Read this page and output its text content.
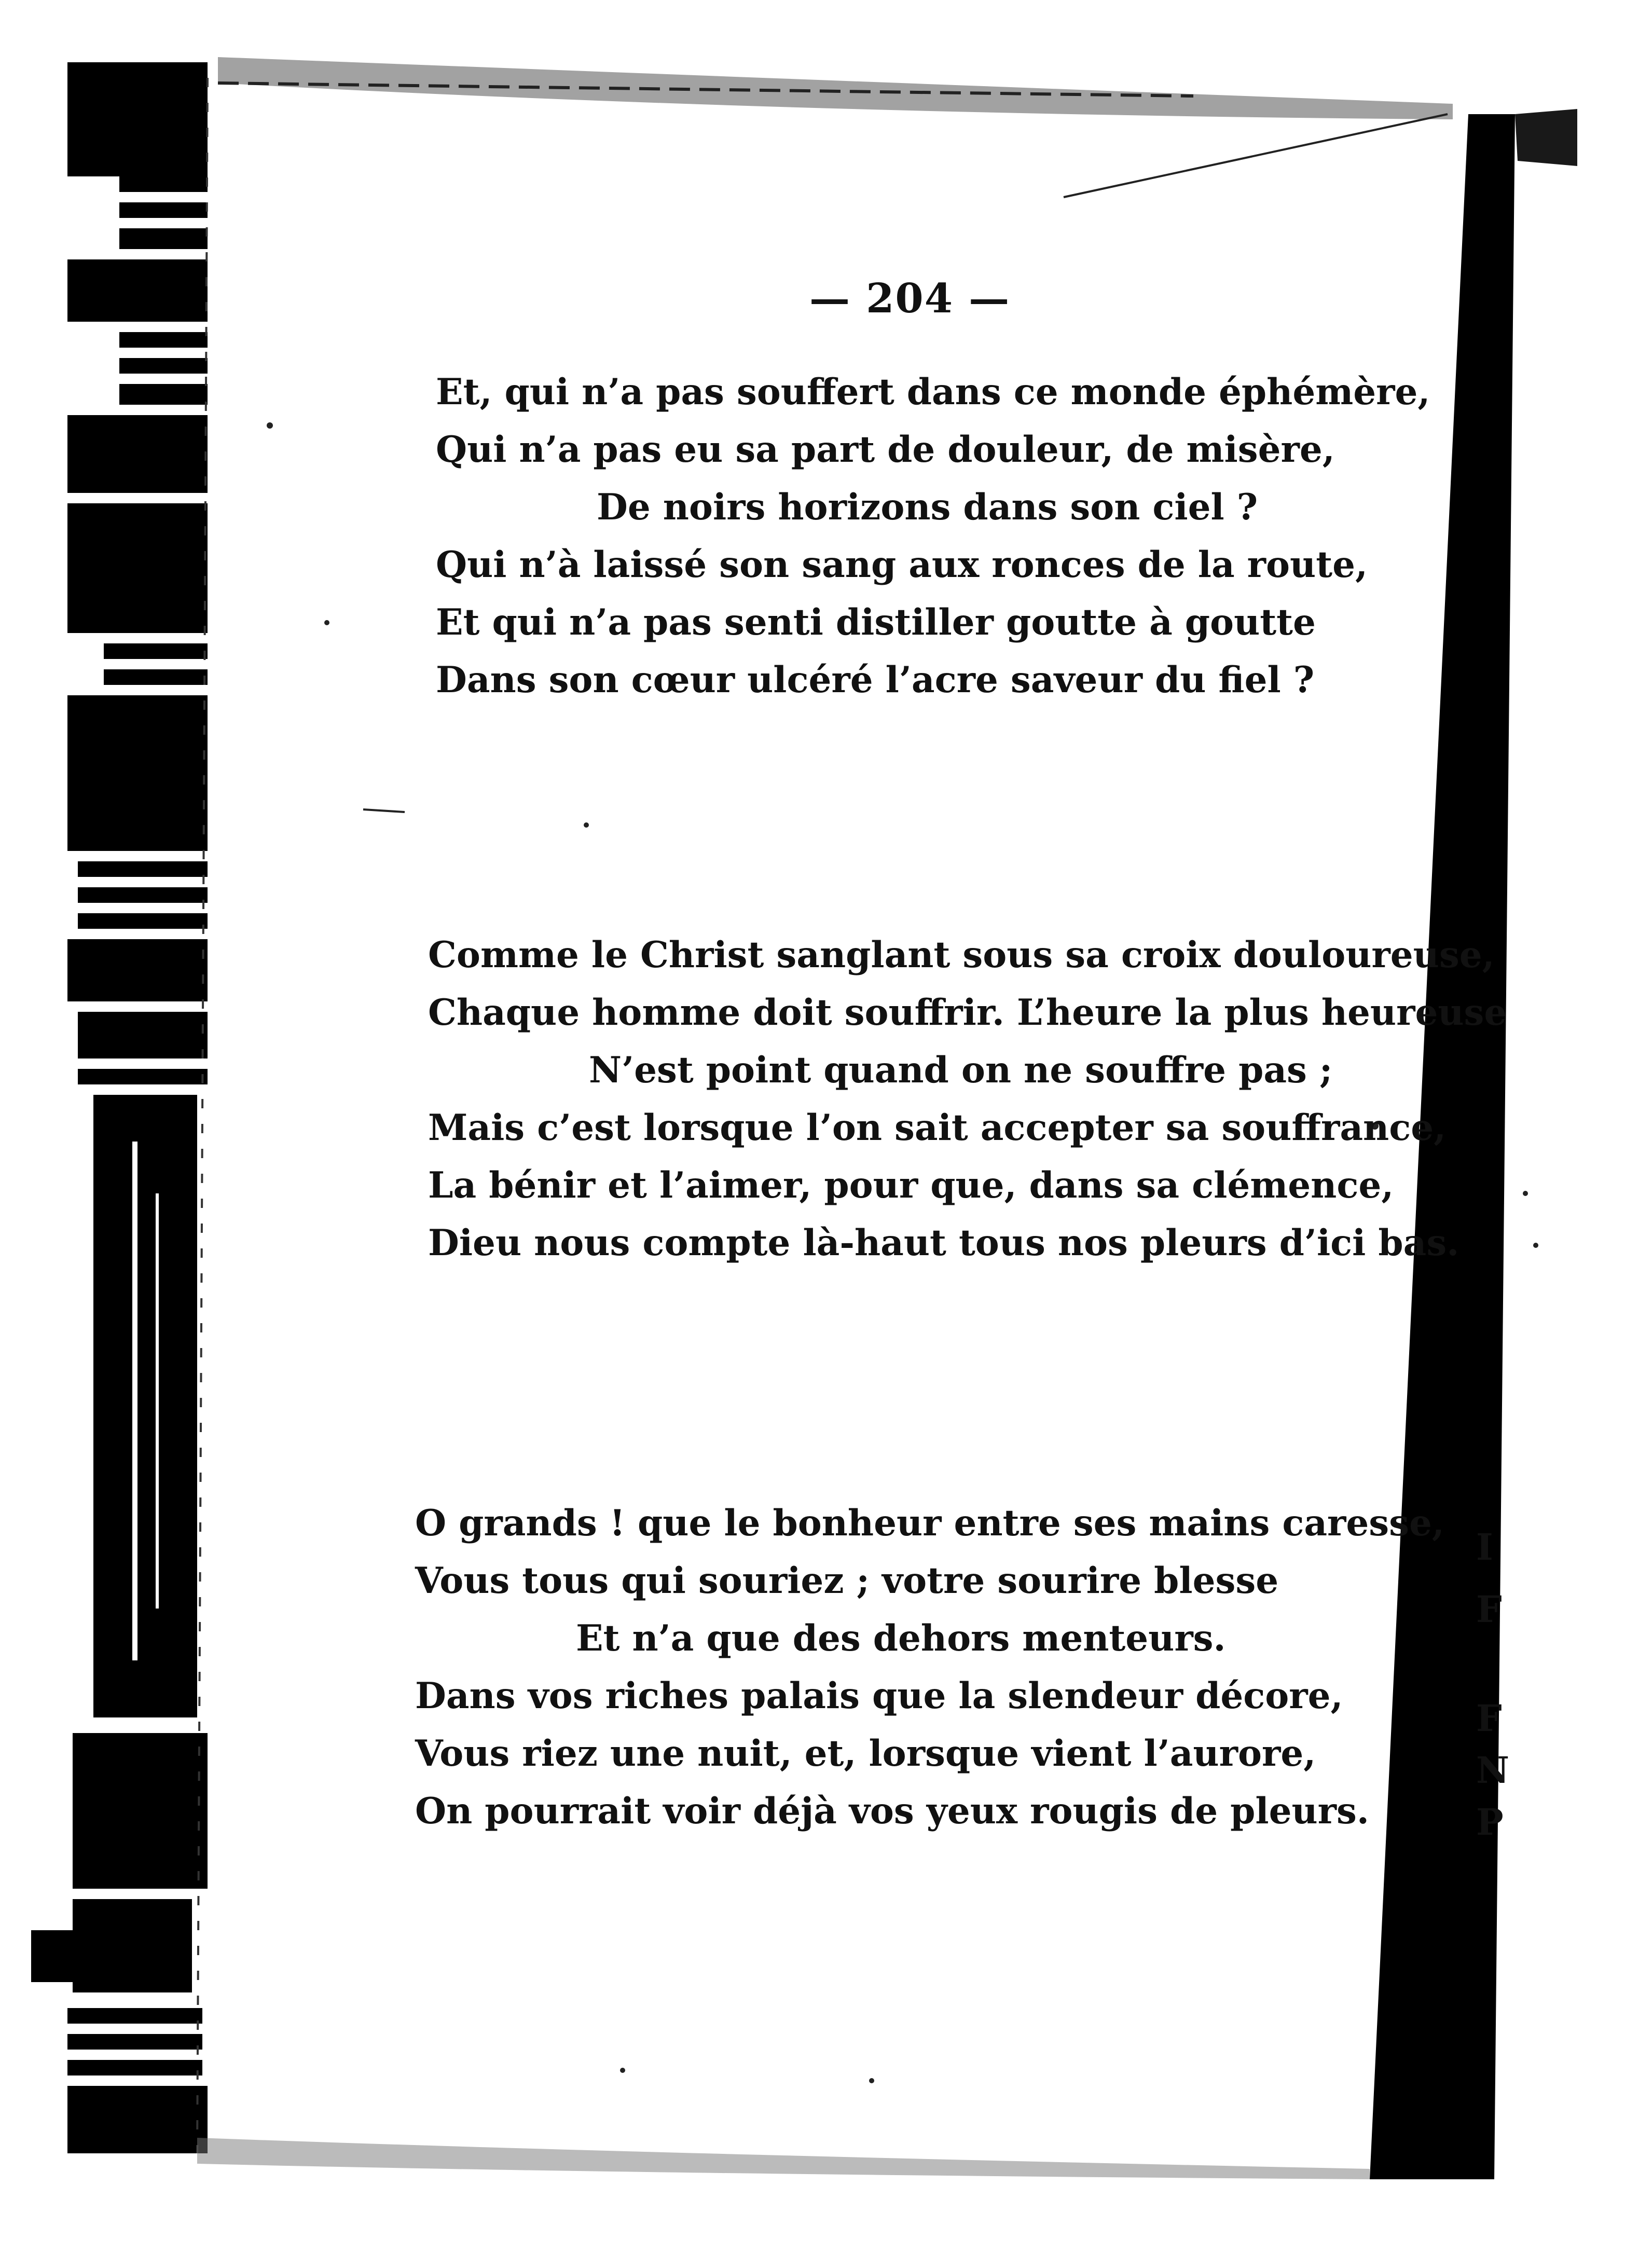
— 204 —
Et, qui n’a pas souffert dans ce monde éphémère,
Qui n’a pas eu sa part de douleur, de misère,
De noirs horizons dans son ciel ?
Qui n’à laissé son sang aux ronces de la route,
Et qui n’a pas senti distiller goutte à goutte
Dans son cœur ulcéré l’acre saveur du fiel ?
Comme le Christ sanglant sous sa croix douloureuse,
Chaque homme doit souffrir. L’heure la plus heureuse
N’est point quand on ne souffre pas ;
Mais c’est lorsque l’on sait accepter sa souffrance,
La bénir et l’aimer, pour que, dans sa clémence,
Dieu nous compte là-haut tous nos pleurs d’ici bas.
O grands ! que le bonheur entre ses mains caresse,
Vous tous qui souriez ; votre sourire blesse
Et n’a que des dehors menteurs.
Dans vos riches palais que la slendeur décore,
Vous riez une nuit, et, lorsque vient l’aurore,
On pourrait voir déjà vos yeux rougis de pleurs.
I
F
F
N
P
